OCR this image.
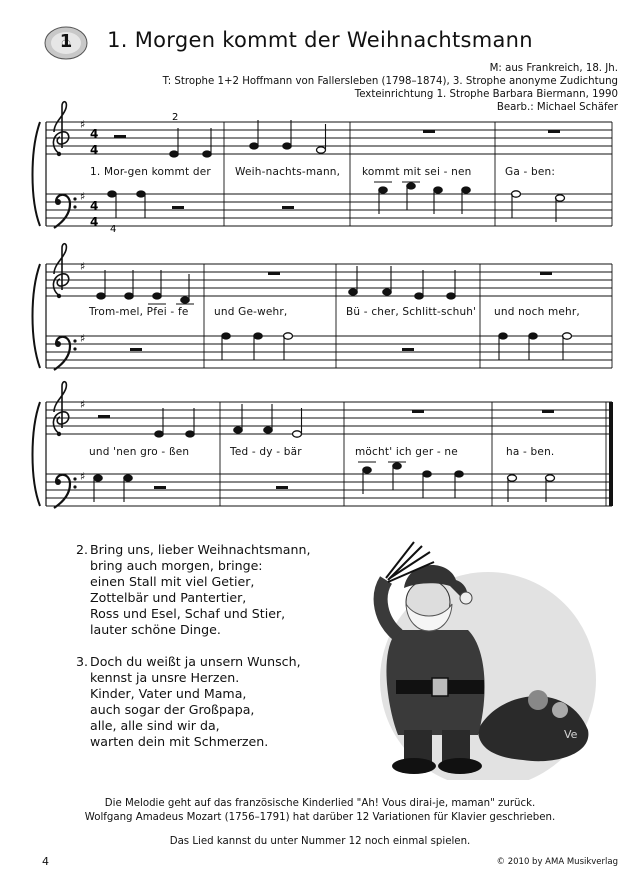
1	1. Morgen kommt der Weihnachtsmann
M: aus Frankreich, 18. Jh.
T: Strophe 1+2 Hoffmann von Fallersleben (1798–1874), 3. Strophe anonyme Zudichtung
Texteinrichtung 1. Strophe Barbara Biermann, 1990
Bearb.: Michael Schäfer
♯
♯
4
4
4
4
2
4
♯
♯
♯
♯
1. Mor-gen kommt der Weih-nachts-mann, kommt mit sei - nen	Ga - ben:
Trom-mel, Pfei - fe und Ge-wehr,	Bü - cher, Schlitt-schuh' und noch mehr,
und 'nen gro - ßen	Ted - dy - bär	möcht' ich ger - ne	ha - ben.
2. Bring uns, lieber Weihnachtsmann,
bring auch morgen, bringe:
einen Stall mit viel Getier,
Zottelbär und Pantertier,
Ross und Esel, Schaf und Stier,
lauter schöne Dinge.
3. Doch du weißt ja unsern Wunsch,
kennst ja unsre Herzen.
Kinder, Vater und Mama,
auch sogar der Großpapa,
alle, alle sind wir da,
warten dein mit Schmerzen.	Ve
Die Melodie geht auf das französische Kinderlied "Ah! Vous dirai-je, maman" zurück.
Wolfgang Amadeus Mozart (1756–1791) hat darüber 12 Variationen für Klavier geschrieben.
Das Lied kannst du unter Nummer 12 noch einmal spielen.
4	© 2010 by AMA Musikverlag
